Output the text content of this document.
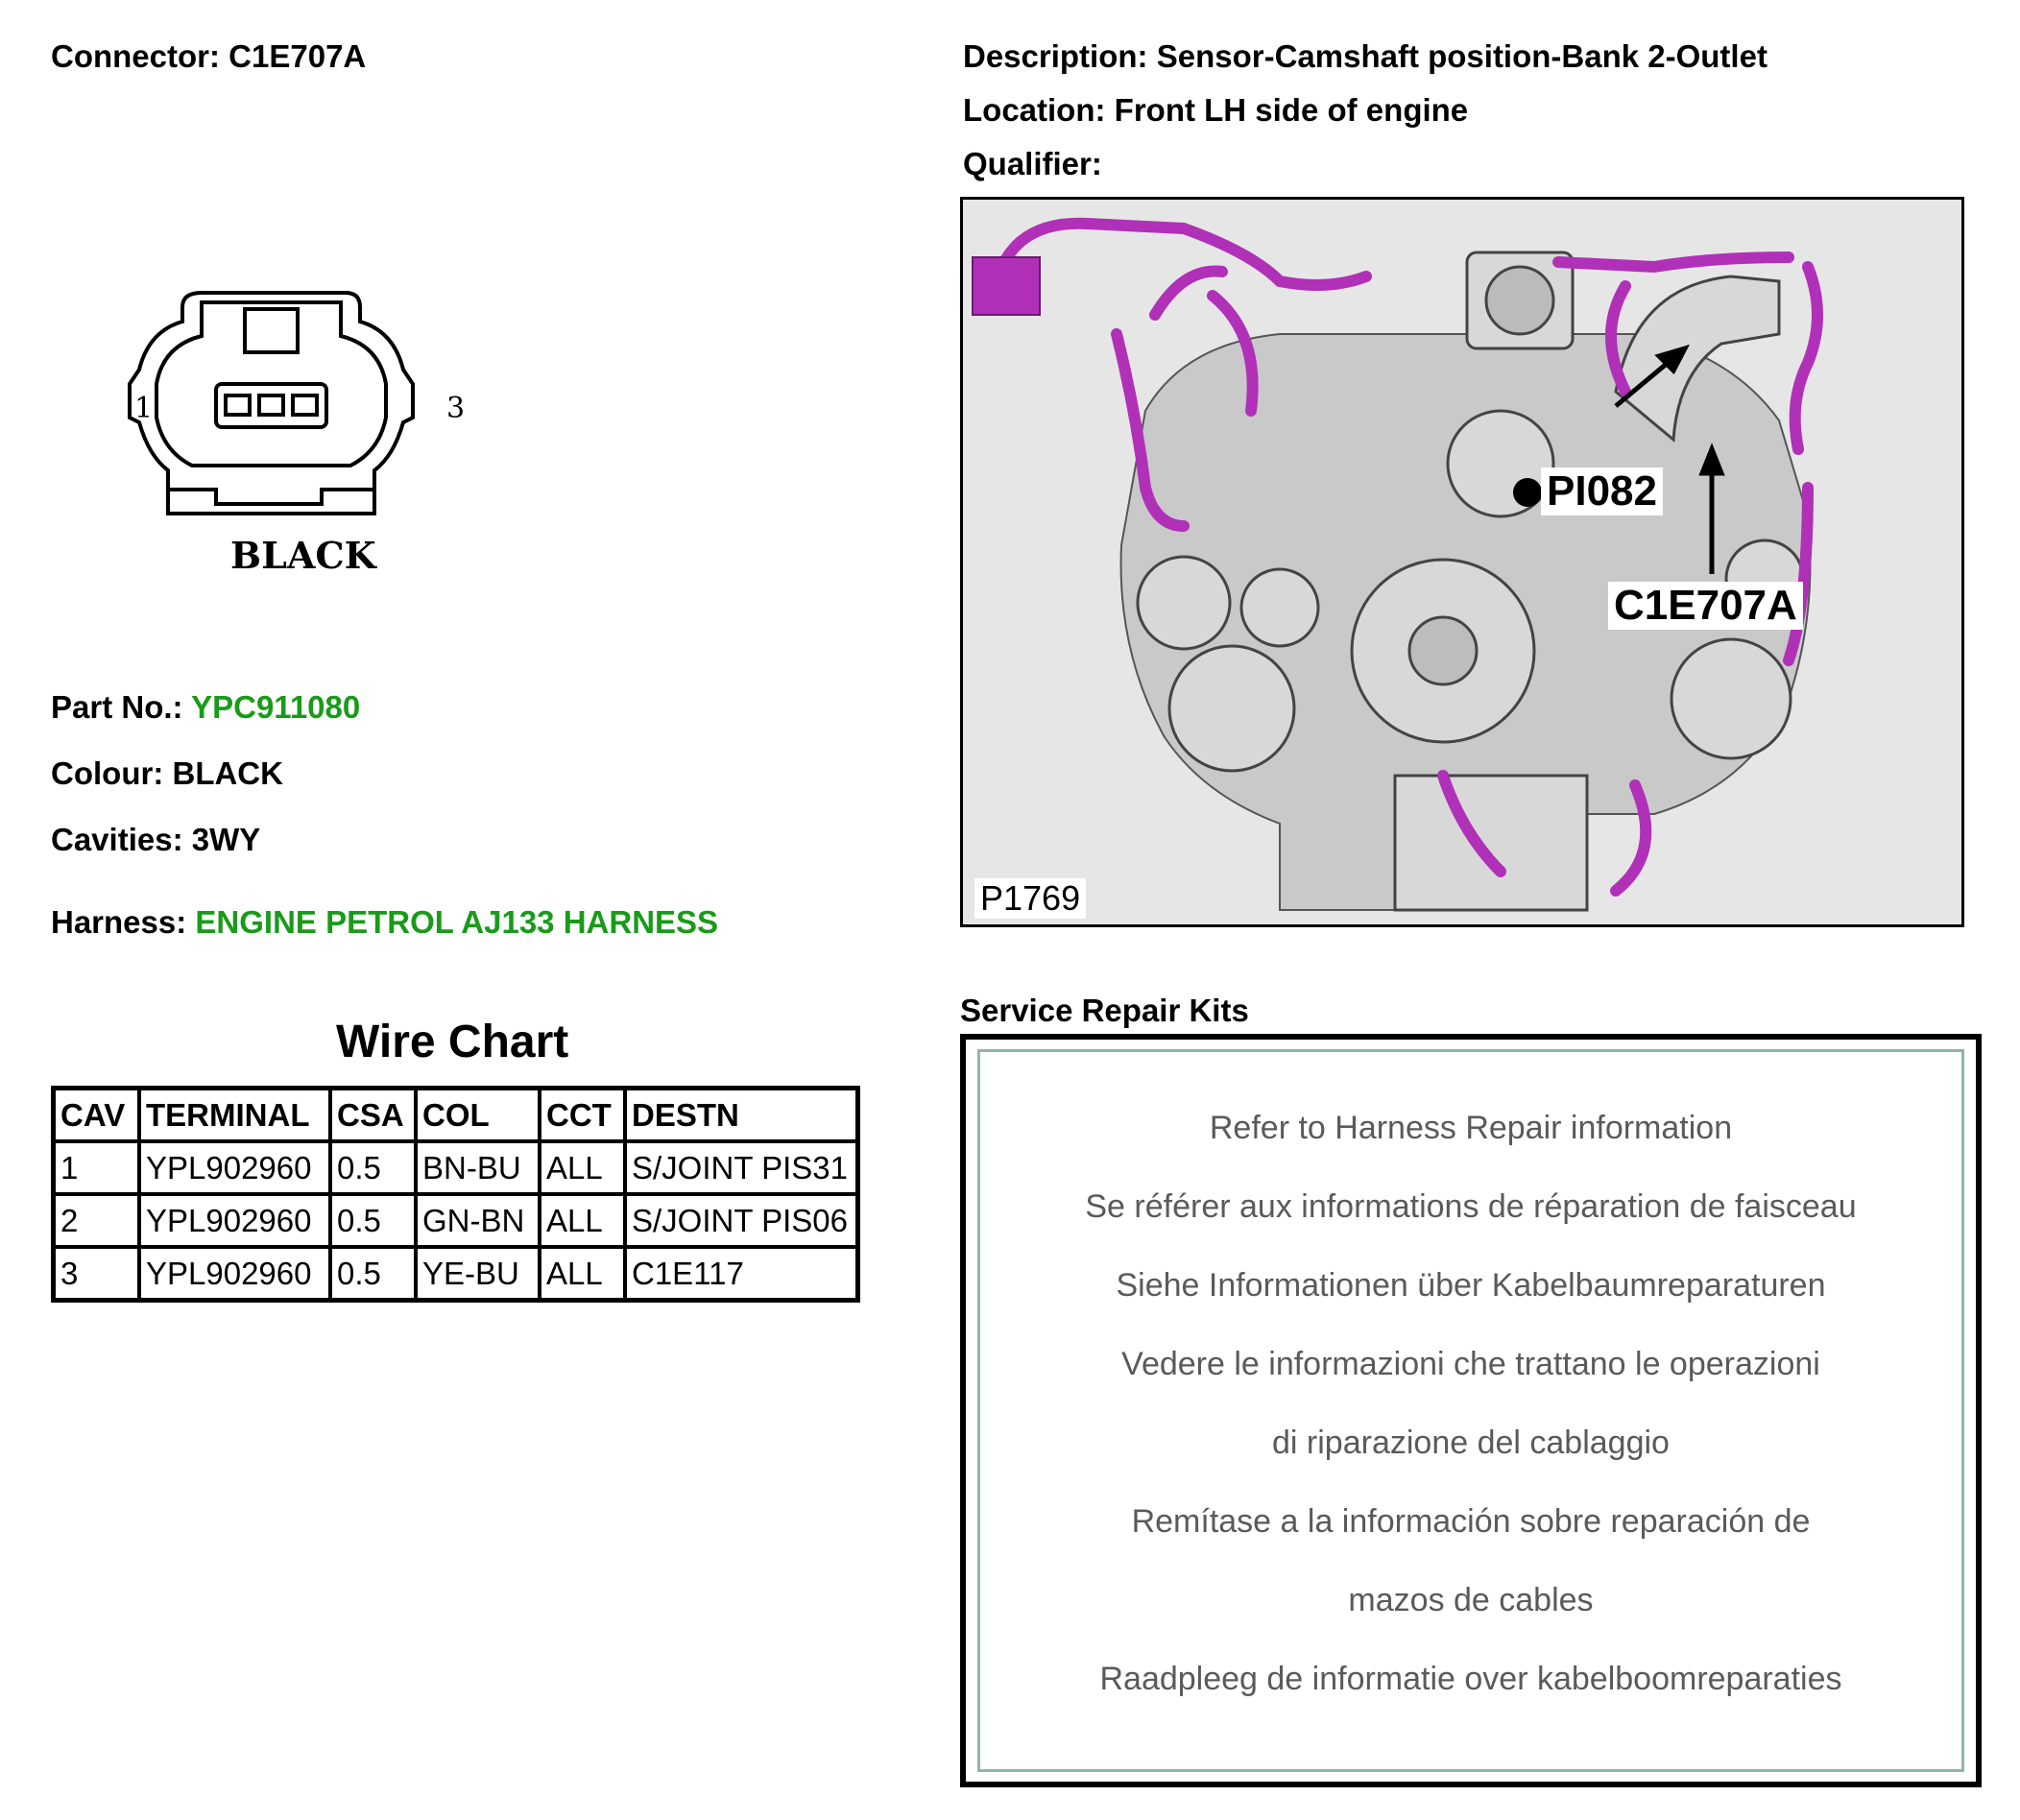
Connector: C1E707A	Description: Sensor-Camshaft position-Bank 2-Outlet
Location: Front LH side of engine
Qualifier:
1	3
BLACK
Part No.: YPC911080
Colour: BLACK
Cavities: 3WY
Harness: ENGINE PETROL AJ133 HARNESS
Wire Chart
CAV	TERMINAL	CSA	COL	CCT	DESTN
1	YPL902960	0.5	BN-BU	ALL	S/JOINT PIS31
2	YPL902960	0.5	GN-BN	ALL	S/JOINT PIS06
3	YPL902960	0.5	YE-BU	ALL	C1E117
PI082
C1E707A
P1769
Service Repair Kits
Refer to Harness Repair information
Se référer aux informations de réparation de faisceau
Siehe Informationen über Kabelbaumreparaturen
Vedere le informazioni che trattano le operazioni
di riparazione del cablaggio
Remítase a la información sobre reparación de
mazos de cables
Raadpleeg de informatie over kabelboomreparaties
